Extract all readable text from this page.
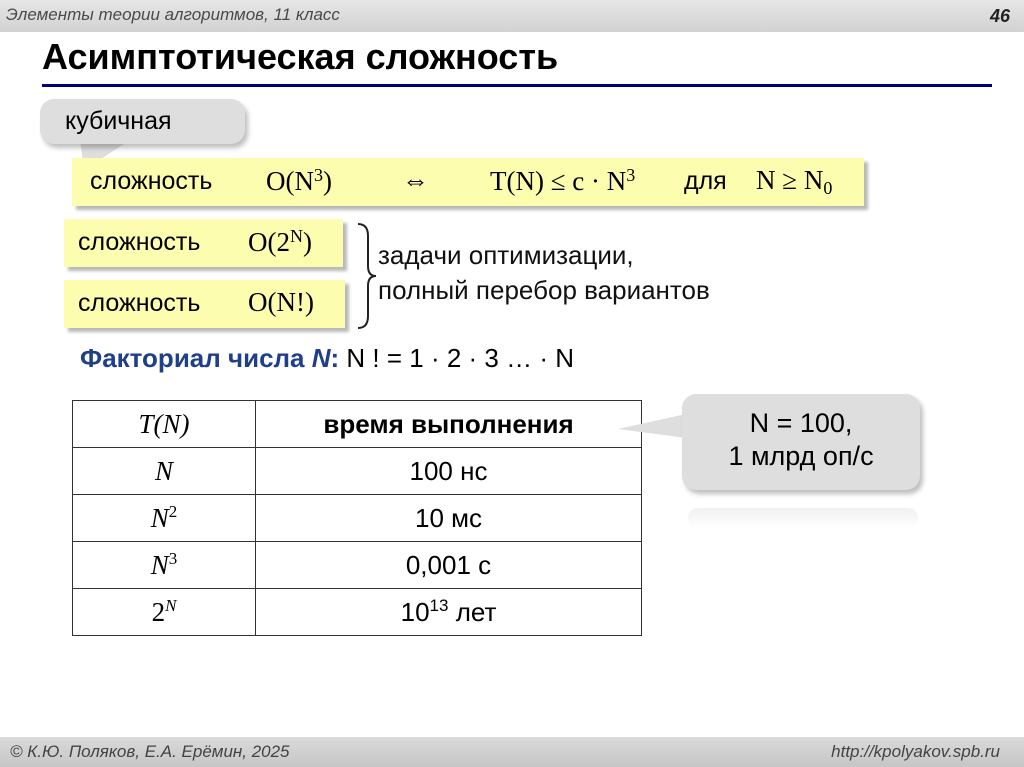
Элементы теории алгоритмов, 11 класс	46
Асимптотическая сложность
кубичная
сложность $O(N^3)$	⇔ $T(N) \le c \cdot N^3$ для $N \ge N_0$
сложность $O(2^N)$
сложность O(N!)
задачи оптимизации,
полный перебор вариантов
Факториал числа N: N ! = 1 · 2 · 3 … · N
T(N)	время выполнения
N	100 нс
$N^2$	10 мс
$N^3$	0,001 с
$2^N$	$10^{13}$ лет
N = 100,
1 млрд оп/с
© К.Ю. Поляков, Е.А. Ерёмин, 2025	http://kpolyakov.spb.ru
